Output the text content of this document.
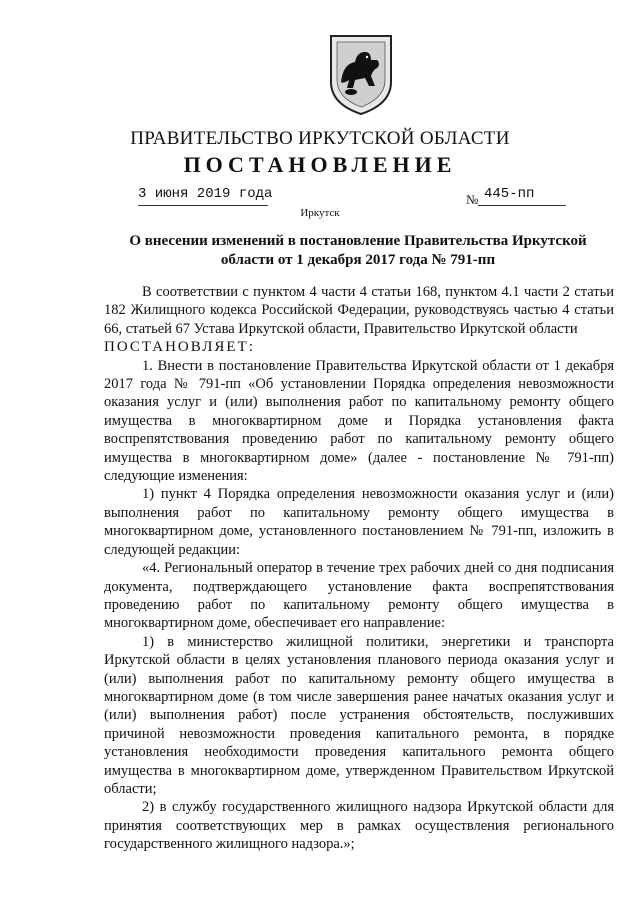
ПРАВИТЕЛЬСТВО ИРКУТСКОЙ ОБЛАСТИ
ПОСТАНОВЛЕНИЕ
3 июня 2019 года	№ 445-пп
Иркутск
О внесении изменений в постановление Правительства Иркутской области от 1 декабря 2017 года № 791-пп

В соответствии с пунктом 4 части 4 статьи 168, пунктом 4.1 части 2 статьи 182 Жилищного кодекса Российской Федерации, руководствуясь частью 4 статьи 66, статьей 67 Устава Иркутской области, Правительство Иркутской области

ПОСТАНОВЛЯЕТ:

1. Внести в постановление Правительства Иркутской области от 1 декабря 2017 года № 791-пп «Об установлении Порядка определения невозможности оказания услуг и (или) выполнения работ по капитальному ремонту общего имущества в многоквартирном доме и Порядка установления факта воспрепятствования проведению работ по капитальному ремонту общего имущества в многоквартирном доме» (далее - постановление № 791-пп) следующие изменения:

1) пункт 4 Порядка определения невозможности оказания услуг и (или) выполнения работ по капитальному ремонту общего имущества в многоквартирном доме, установленного постановлением № 791-пп, изложить в следующей редакции:

«4. Региональный оператор в течение трех рабочих дней со дня подписания документа, подтверждающего установление факта воспрепятствования проведению работ по капитальному ремонту общего имущества в многоквартирном доме, обеспечивает его направление:

1) в министерство жилищной политики, энергетики и транспорта Иркутской области в целях установления планового периода оказания услуг и (или) выполнения работ по капитальному ремонту общего имущества в многоквартирном доме (в том числе завершения ранее начатых оказания услуг и (или) выполнения работ) после устранения обстоятельств, послуживших причиной невозможности проведения капитального ремонта, в порядке установления необходимости проведения капитального ремонта общего имущества в многоквартирном доме, утвержденном Правительством Иркутской области;

2) в службу государственного жилищного надзора Иркутской области для принятия соответствующих мер в рамках осуществления регионального государственного жилищного надзора.»;
